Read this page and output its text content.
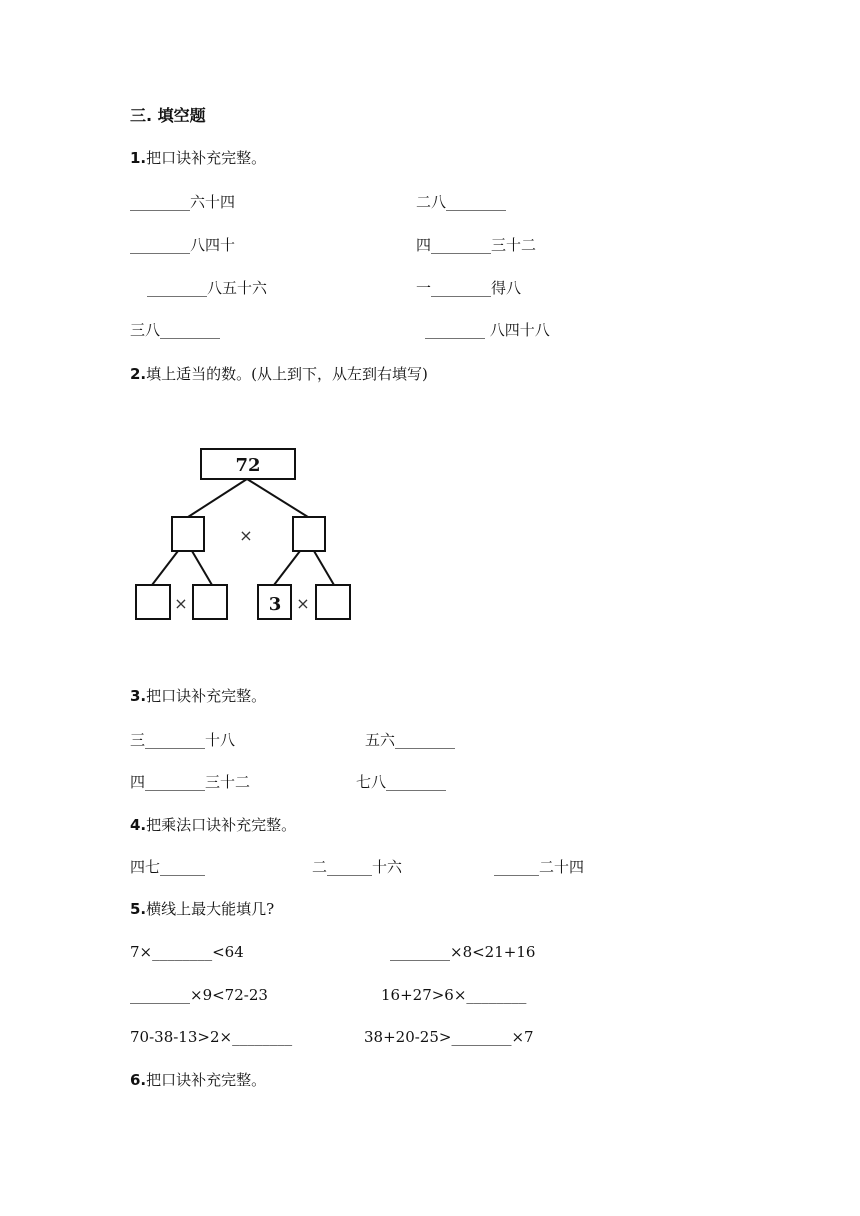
三. 填空题
1.把口诀补充完整。
________六十四	二八________
________八四十	四________三十二
________八五十六	一________得八
三八________	________ 八四十八
2.填上适当的数。(从上到下，从左到右填写)
72
3
×
×	×
3.把口诀补充完整。
三________十八	五六________
四________三十二	七八________
4.把乘法口诀补充完整。
四七______	二______十六	______二十四
5.横线上最大能填几?
7×________<64	________×8<21+16
________×9<72-23	16+27>6×________
70-38-13>2×________	38+20-25>________×7
6.把口诀补充完整。
